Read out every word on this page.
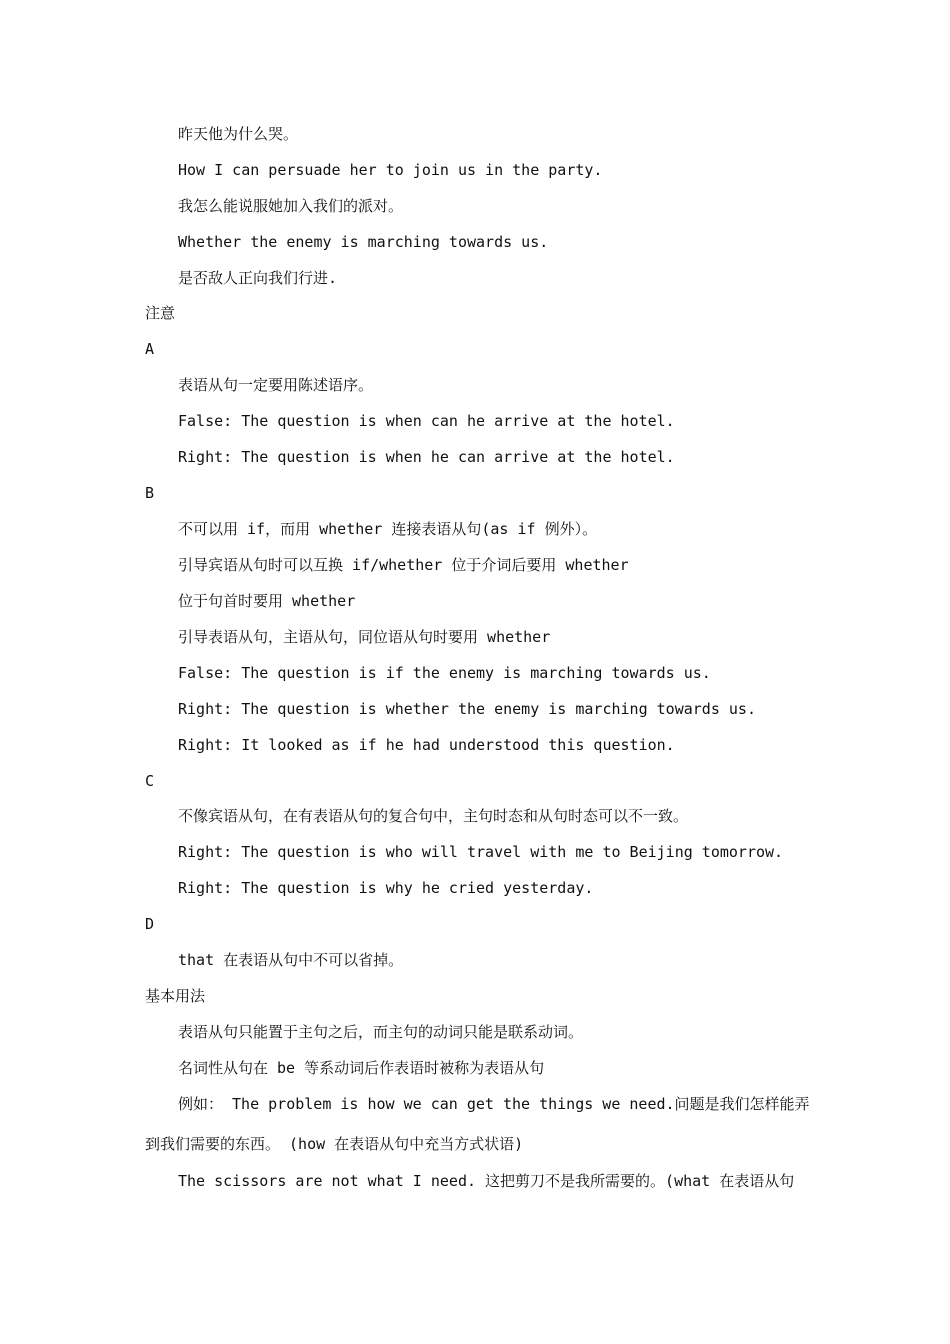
昨天他为什么哭。
How I can persuade her to join us in the party.
我怎么能说服她加入我们的派对。
Whether the enemy is marching towards us.
是否敌人正向我们行进.
注意
A
表语从句一定要用陈述语序。
False: The question is when can he arrive at the hotel.
Right: The question is when he can arrive at the hotel.
B
不可以用 if，而用 whether 连接表语从句(as if 例外）。
引导宾语从句时可以互换 if/whether 位于介词后要用 whether
位于句首时要用 whether
引导表语从句，主语从句，同位语从句时要用 whether
False: The question is if the enemy is marching towards us.
Right: The question is whether the enemy is marching towards us.
Right: It looked as if he had understood this question.
C
不像宾语从句，在有表语从句的复合句中，主句时态和从句时态可以不一致。
Right: The question is who will travel with me to Beijing tomorrow.
Right: The question is why he cried yesterday.
D
that 在表语从句中不可以省掉。
基本用法
表语从句只能置于主句之后，而主句的动词只能是联系动词。
名词性从句在 be 等系动词后作表语时被称为表语从句
例如： The problem is how we can get the things we need.问题是我们怎样能弄
到我们需要的东西。 (how 在表语从句中充当方式状语)
The scissors are not what I need. 这把剪刀不是我所需要的。(what 在表语从句
